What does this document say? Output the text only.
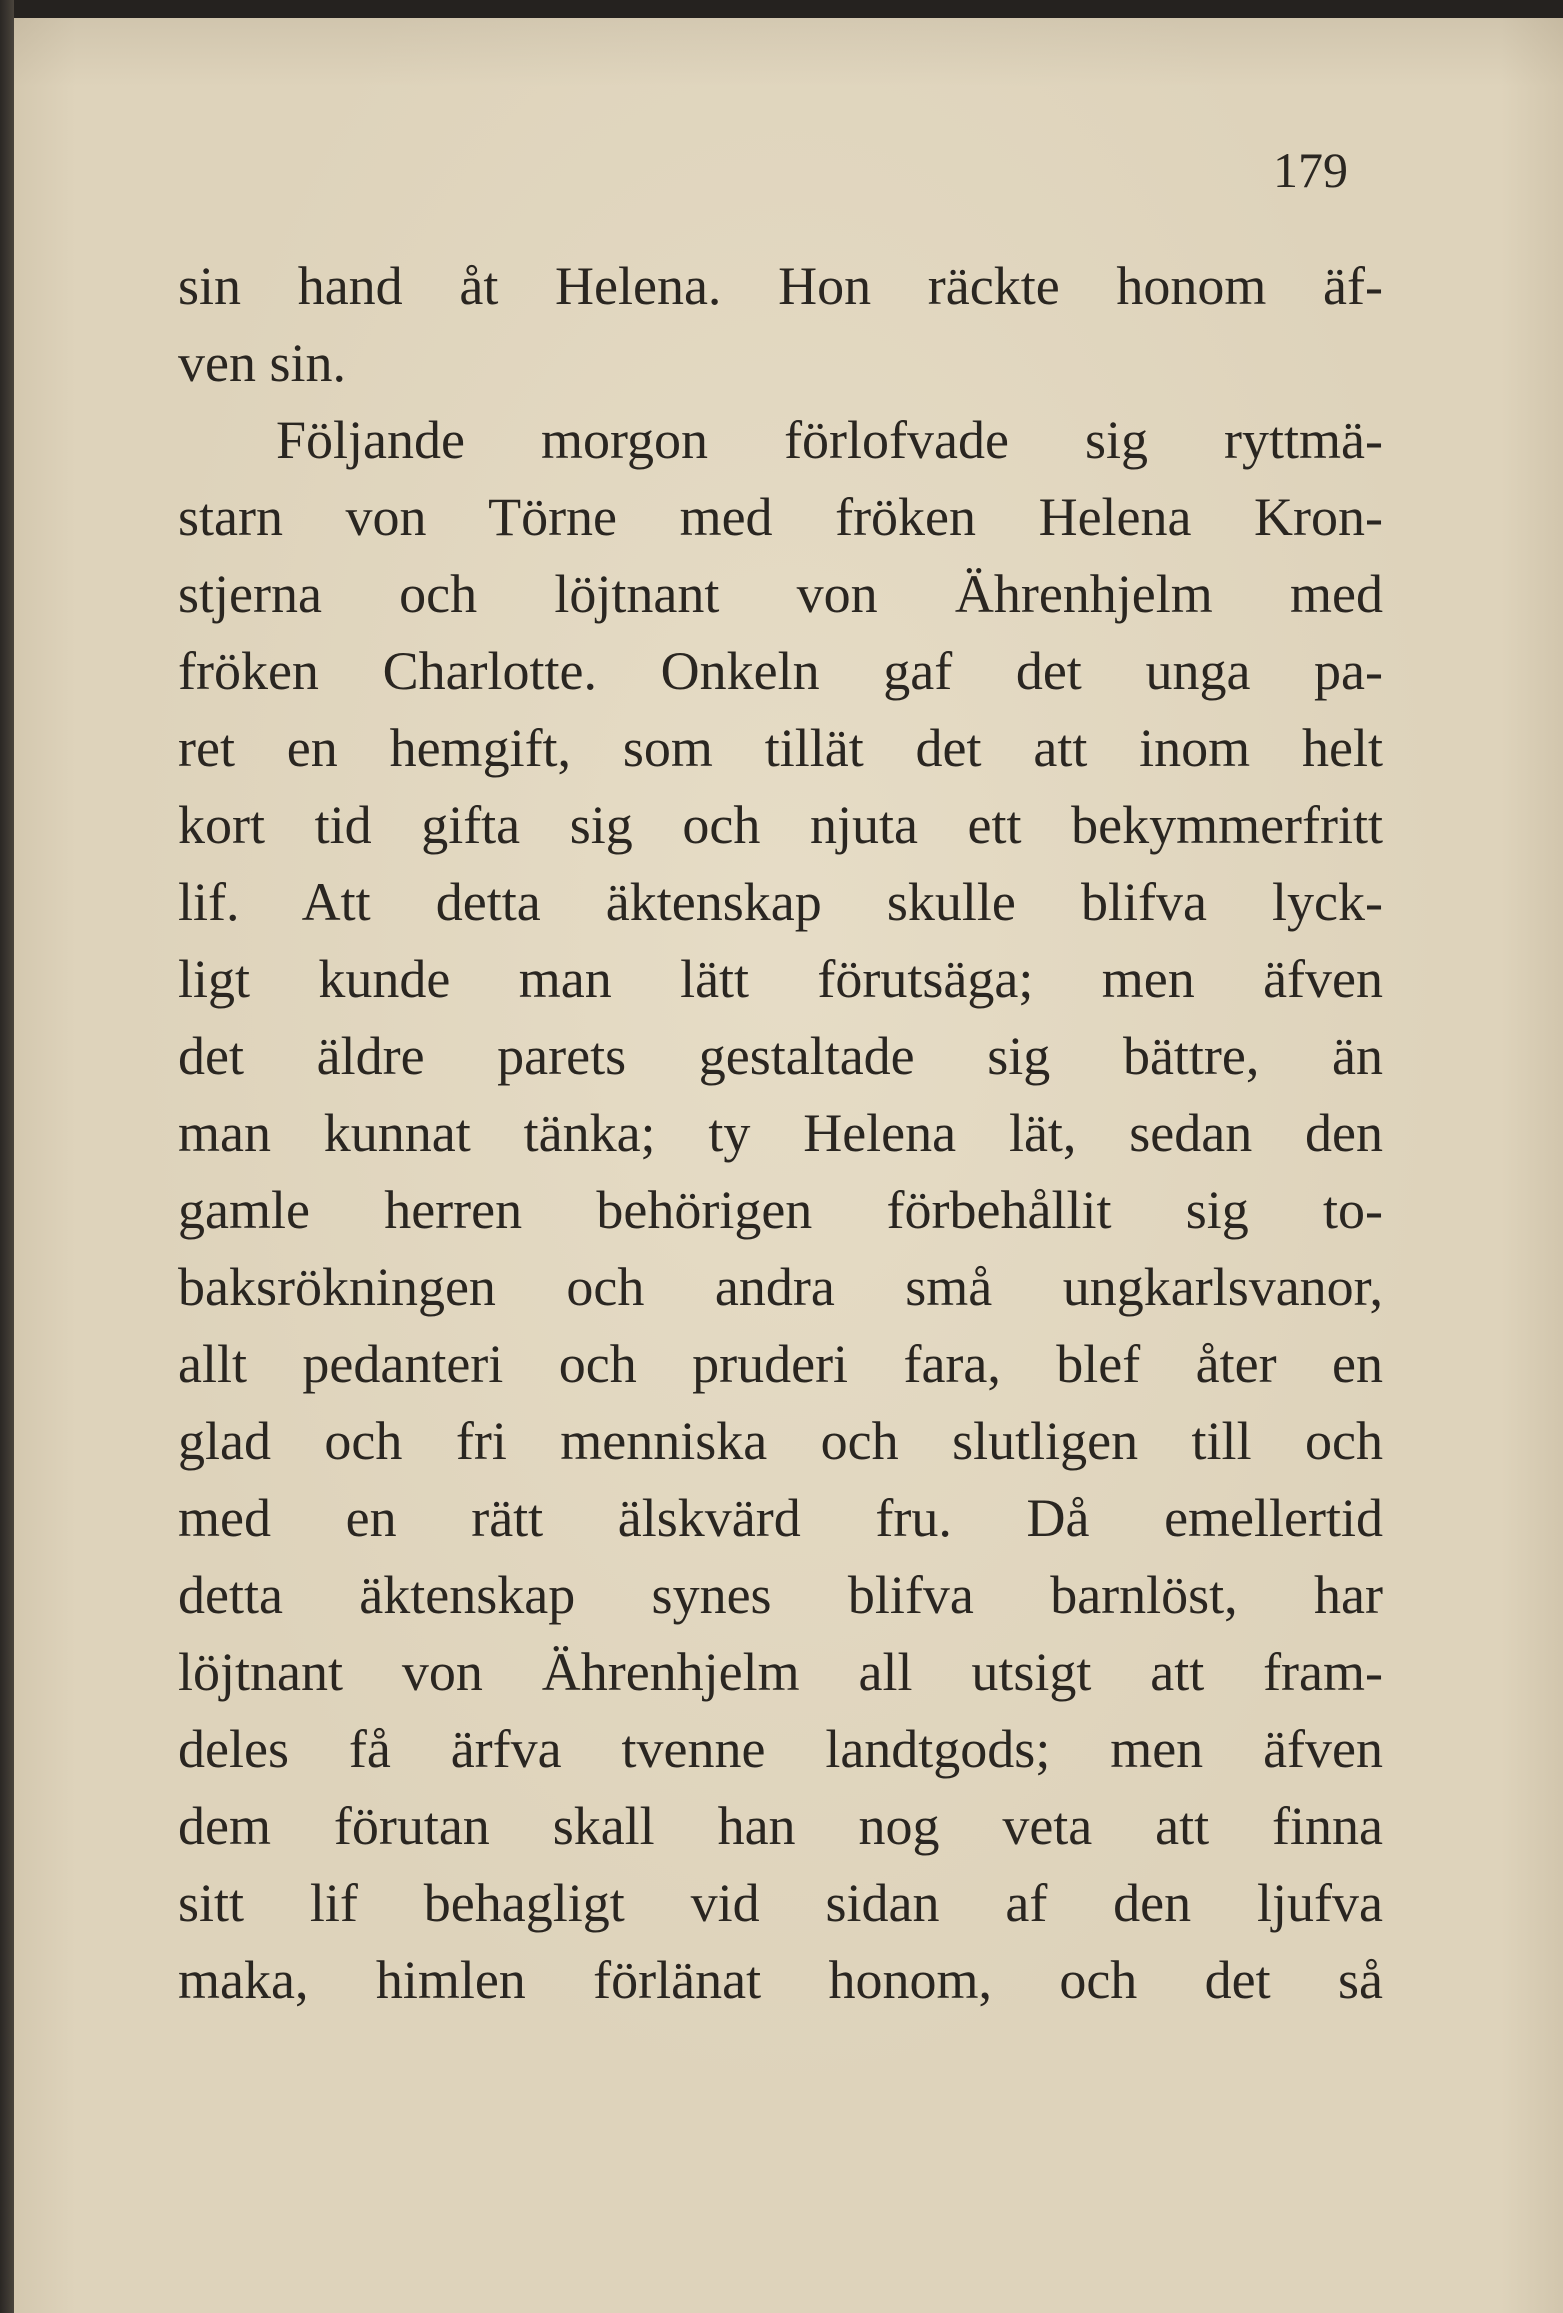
179
sin hand åt Helena. Hon räckte honom äf-
ven sin.
Följande morgon förlofvade sig ryttmä-
starn von Törne med fröken Helena Kron-
stjerna och löjtnant von Ährenhjelm med
fröken Charlotte. Onkeln gaf det unga pa-
ret en hemgift, som tillät det att inom helt
kort tid gifta sig och njuta ett bekymmerfritt
lif. Att detta äktenskap skulle blifva lyck-
ligt kunde man lätt förutsäga; men äfven
det äldre parets gestaltade sig bättre, än
man kunnat tänka; ty Helena lät, sedan den
gamle herren behörigen förbehållit sig to-
baksrökningen och andra små ungkarlsvanor,
allt pedanteri och pruderi fara, blef åter en
glad och fri menniska och slutligen till och
med en rätt älskvärd fru. Då emellertid
detta äktenskap synes blifva barnlöst, har
löjtnant von Ährenhjelm all utsigt att fram-
deles få ärfva tvenne landtgods; men äfven
dem förutan skall han nog veta att finna
sitt lif behagligt vid sidan af den ljufva
maka, himlen förlänat honom, och det så
